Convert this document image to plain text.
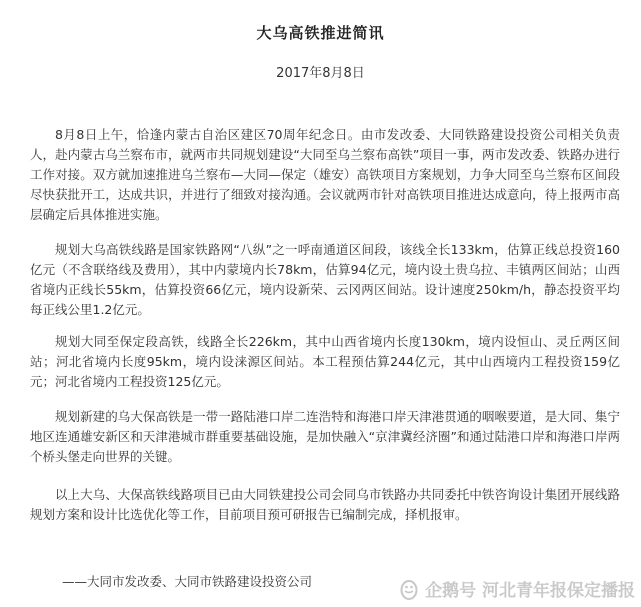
大乌高铁推进简讯
2017年8月8日

8月8日上午，恰逢内蒙古自治区建区70周年纪念日。由市发改委、大同铁路建设投资公司相关负责人，赴内蒙古乌兰察布市，就两市共同规划建设“大同至乌兰察布高铁”项目一事，两市发改委、铁路办进行工作对接。双方就加速推进乌兰察布—大同—保定（雄安）高铁项目方案规划，力争大同至乌兰察布区间段尽快获批开工，达成共识，并进行了细致对接沟通。会议就两市针对高铁项目推进达成意向，待上报两市高层确定后具体推进实施。

规划大乌高铁线路是国家铁路网“八纵”之一呼南通道区间段，该线全长133km，估算正线总投资160亿元（不含联络线及费用），其中内蒙境内长78km，估算94亿元，境内设土贵乌拉、丰镇两区间站；山西省境内正线长55km，估算投资66亿元，境内设新荣、云冈两区间站。设计速度250km/h，静态投资平均每正线公里1.2亿元。

规划大同至保定段高铁，线路全长226km，其中山西省境内长度130km，境内设恒山、灵丘两区间站；河北省境内长度95km，境内设涞源区间站。本工程预估算244亿元，其中山西境内工程投资159亿元；河北省境内工程投资125亿元。

规划新建的乌大保高铁是一带一路陆港口岸二连浩特和海港口岸天津港贯通的咽喉要道，是大同、集宁地区连通雄安新区和天津港城市群重要基础设施，是加快融入“京津冀经济圈”和通过陆港口岸和海港口岸两个桥头堡走向世界的关键。

以上大乌、大保高铁线路项目已由大同铁建投公司会同乌市铁路办共同委托中铁咨询设计集团开展线路规划方案和设计比选优化等工作，目前项目预可研报告已编制完成，择机报审。

——大同市发改委、大同市铁路建设投资公司	企鹅号 河北青年报保定播报
